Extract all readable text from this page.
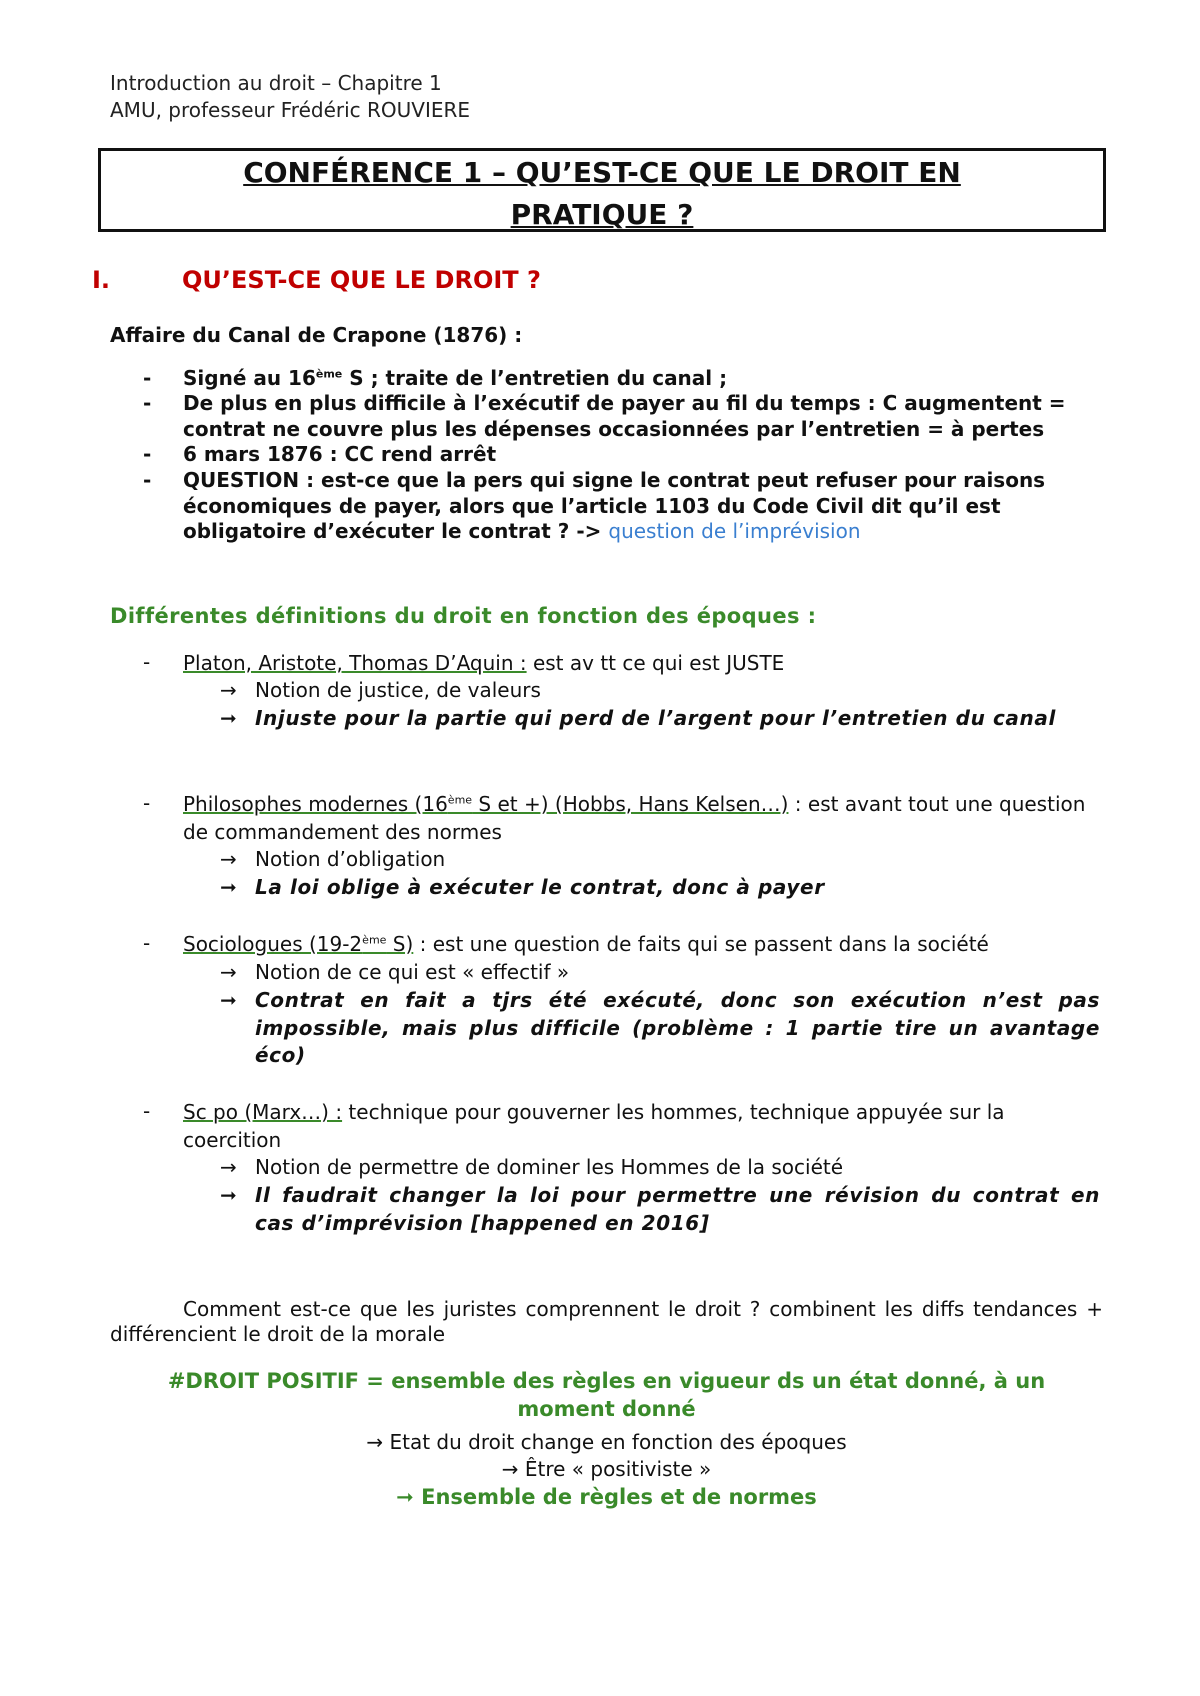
Introduction au droit – Chapitre 1
AMU, professeur Frédéric ROUVIERE
CONFÉRENCE 1 – QU’EST-CE QUE LE DROIT EN
PRATIQUE ?
I.	QU’EST-CE QUE LE DROIT ?
Affaire du Canal de Crapone (1876) :
- Signé au 16ème S ; traite de l’entretien du canal ;
- De plus en plus difficile à l’exécutif de payer au fil du temps : C augmentent = contrat ne couvre plus les dépenses occasionnées par l’entretien = à pertes
- 6 mars 1876 : CC rend arrêt
- QUESTION : est-ce que la pers qui signe le contrat peut refuser pour raisons économiques de payer, alors que l’article 1103 du Code Civil dit qu’il est obligatoire d’exécuter le contrat ? -> question de l’imprévision
Différentes définitions du droit en fonction des époques :
- Platon, Aristote, Thomas D’Aquin : est av tt ce qui est JUSTE
→ Notion de justice, de valeurs
➞ Injuste pour la partie qui perd de l’argent pour l’entretien du canal
- Philosophes modernes (16ème S et +) (Hobbs, Hans Kelsen…) : est avant tout une question de commandement des normes
→ Notion d’obligation
➞ La loi oblige à exécuter le contrat, donc à payer
- Sociologues (19-2ème S) : est une question de faits qui se passent dans la société
→ Notion de ce qui est « effectif »
➞ Contrat en fait a tjrs été exécuté, donc son exécution n’est pas impossible, mais plus difficile (problème : 1 partie tire un avantage éco)
- Sc po (Marx…) : technique pour gouverner les hommes, technique appuyée sur la coercition
→ Notion de permettre de dominer les Hommes de la société
➞ Il faudrait changer la loi pour permettre une révision du contrat en cas d’imprévision [happened en 2016]
Comment est-ce que les juristes comprennent le droit ? combinent les diffs tendances + différencient le droit de la morale
#DROIT POSITIF = ensemble des règles en vigueur ds un état donné, à un moment donné
→ Etat du droit change en fonction des époques
→ Être « positiviste »
➞ Ensemble de règles et de normes
